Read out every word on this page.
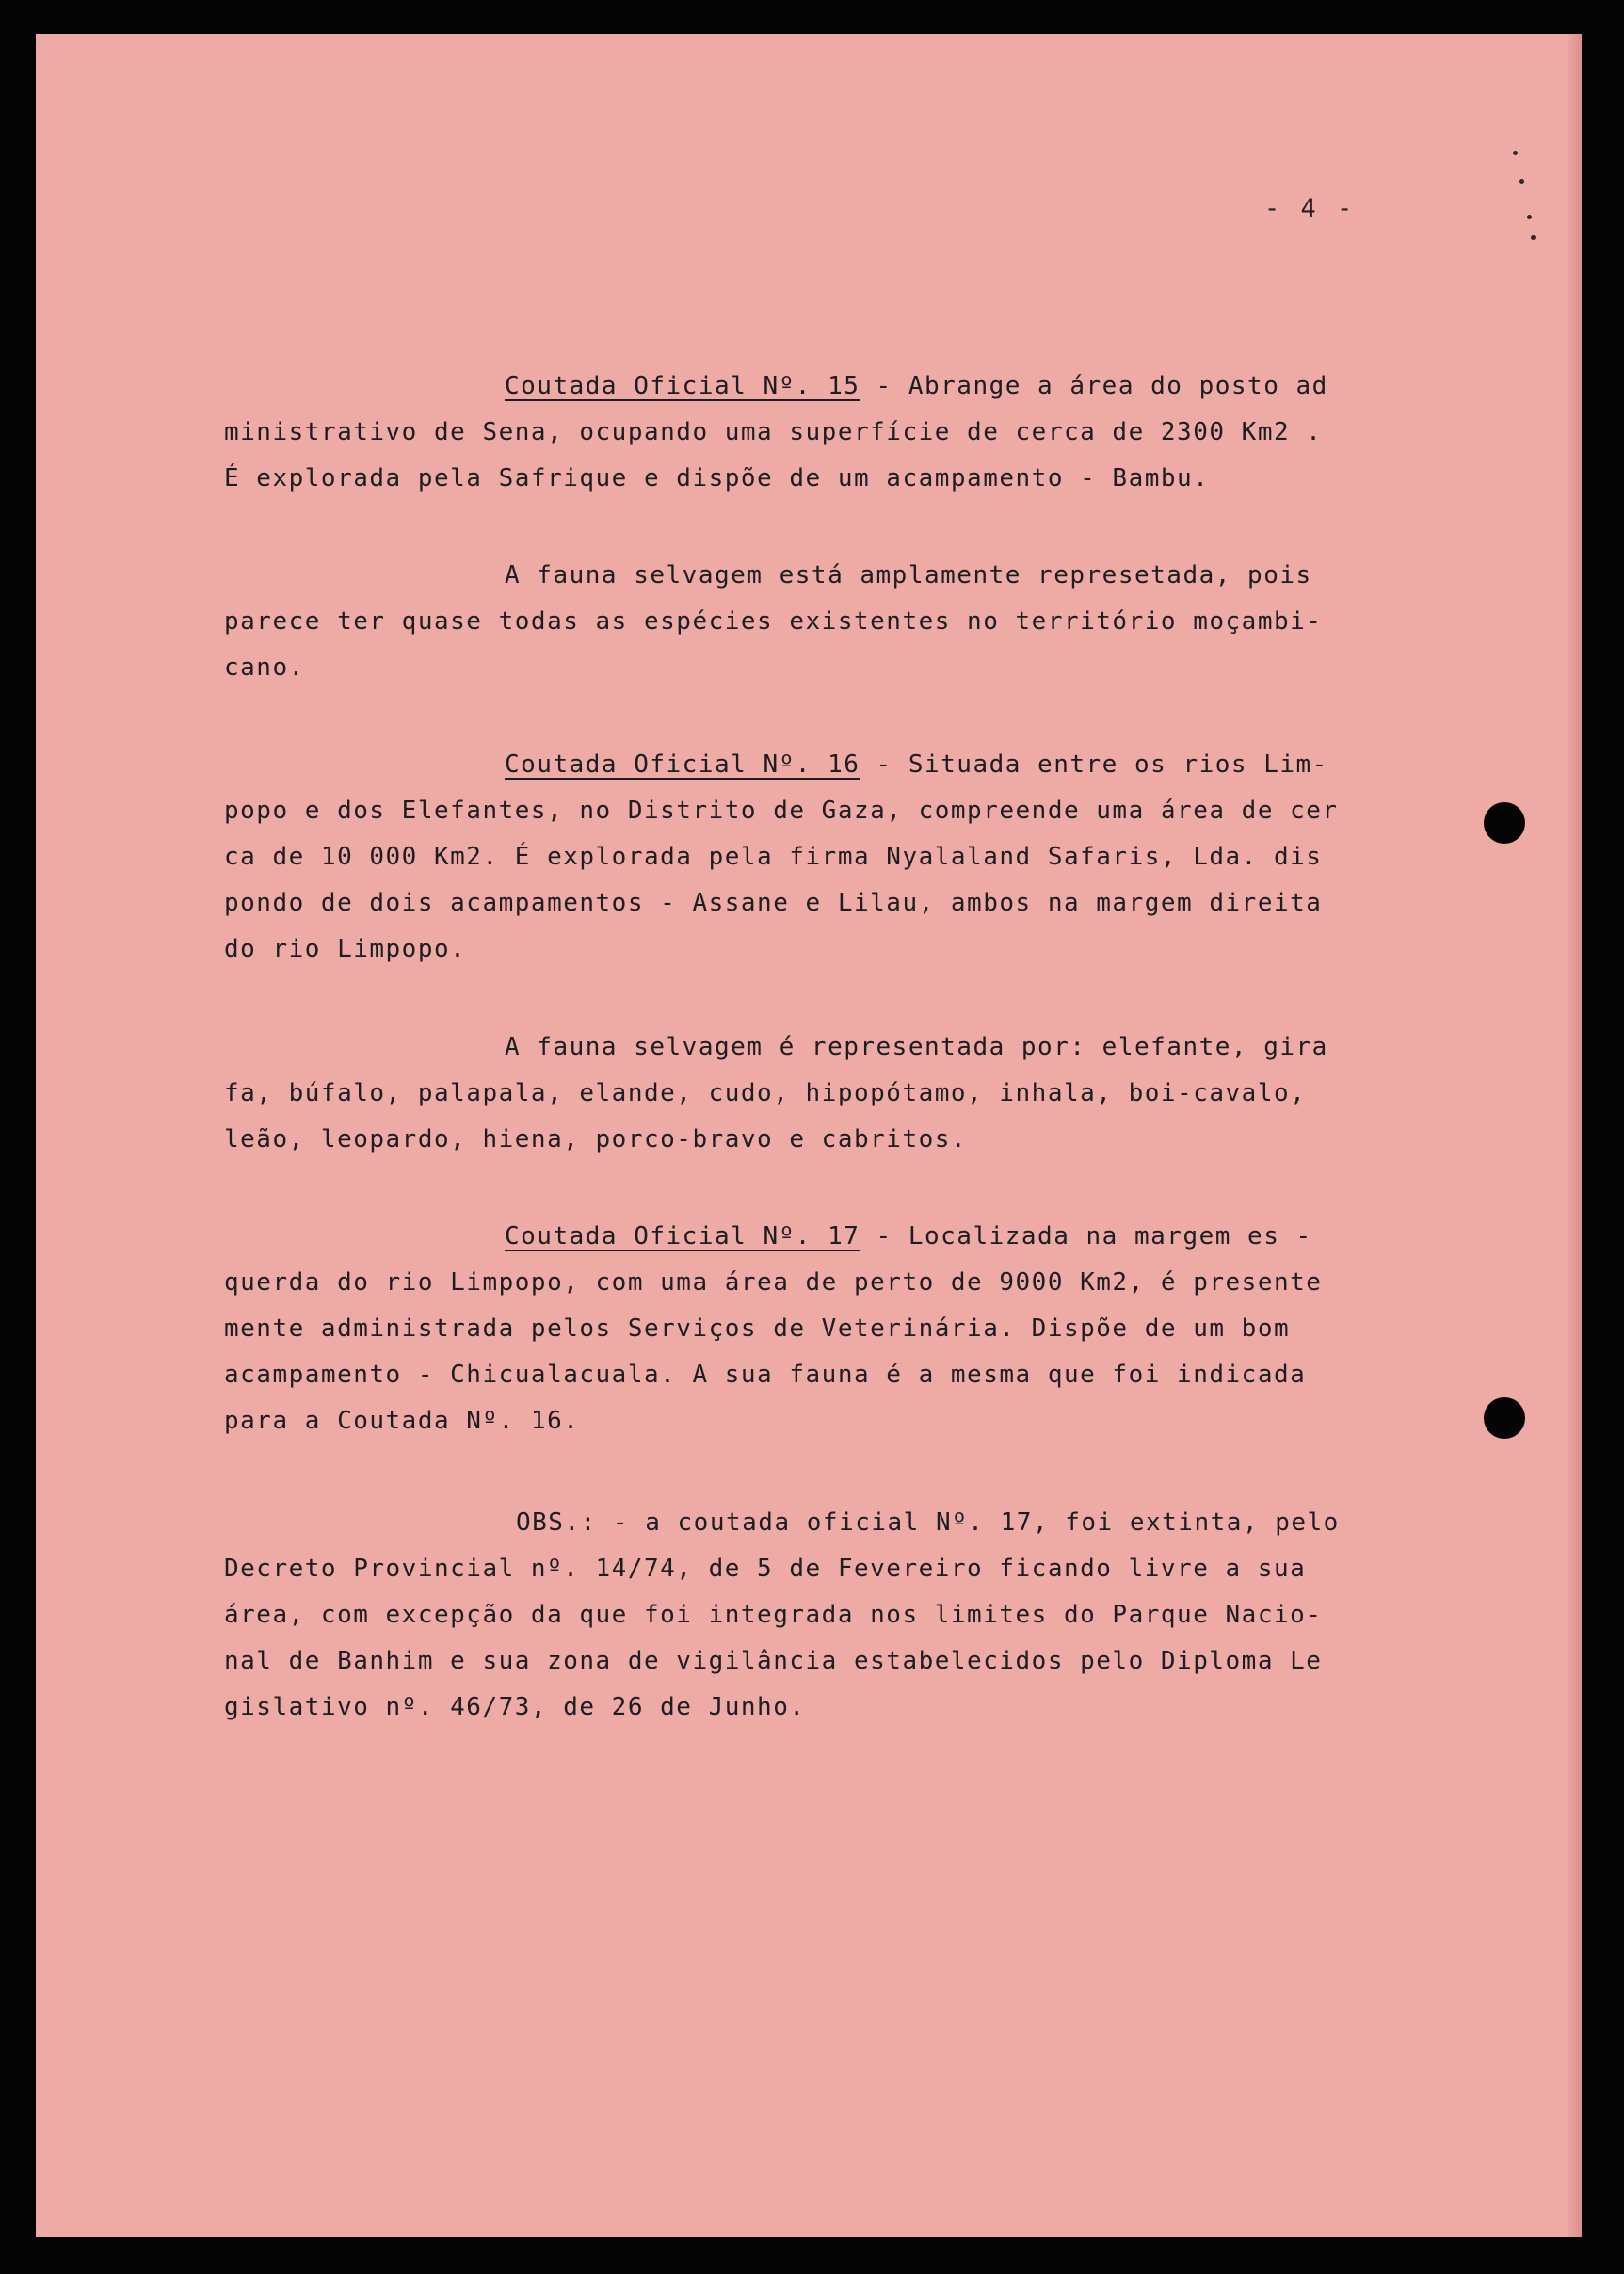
- 4 -
Coutada Oficial Nº. 15 - Abrange a área do posto ad
ministrativo de Sena, ocupando uma superfície de cerca de 2300 Km2 .
É explorada pela Safrique e dispõe de um acampamento - Bambu.
A fauna selvagem está amplamente represetada, pois
parece ter quase todas as espécies existentes no território moçambi-
cano.
Coutada Oficial Nº. 16 - Situada entre os rios Lim-
popo e dos Elefantes, no Distrito de Gaza, compreende uma área de cer
ca de 10 000 Km2. É explorada pela firma Nyalaland Safaris, Lda. dis
pondo de dois acampamentos - Assane e Lilau, ambos na margem direita
do rio Limpopo.
A fauna selvagem é representada por: elefante, gira
fa, búfalo, palapala, elande, cudo, hipopótamo, inhala, boi-cavalo,
leão, leopardo, hiena, porco-bravo e cabritos.
Coutada Oficial Nº. 17 - Localizada na margem es -
querda do rio Limpopo, com uma área de perto de 9000 Km2, é presente
mente administrada pelos Serviços de Veterinária. Dispõe de um bom
acampamento - Chicualacuala. A sua fauna é a mesma que foi indicada
para a Coutada Nº. 16.
OBS.: - a coutada oficial Nº. 17, foi extinta, pelo
Decreto Provincial nº. 14/74, de 5 de Fevereiro ficando livre a sua
área, com excepção da que foi integrada nos limites do Parque Nacio-
nal de Banhim e sua zona de vigilância estabelecidos pelo Diploma Le
gislativo nº. 46/73, de 26 de Junho.
